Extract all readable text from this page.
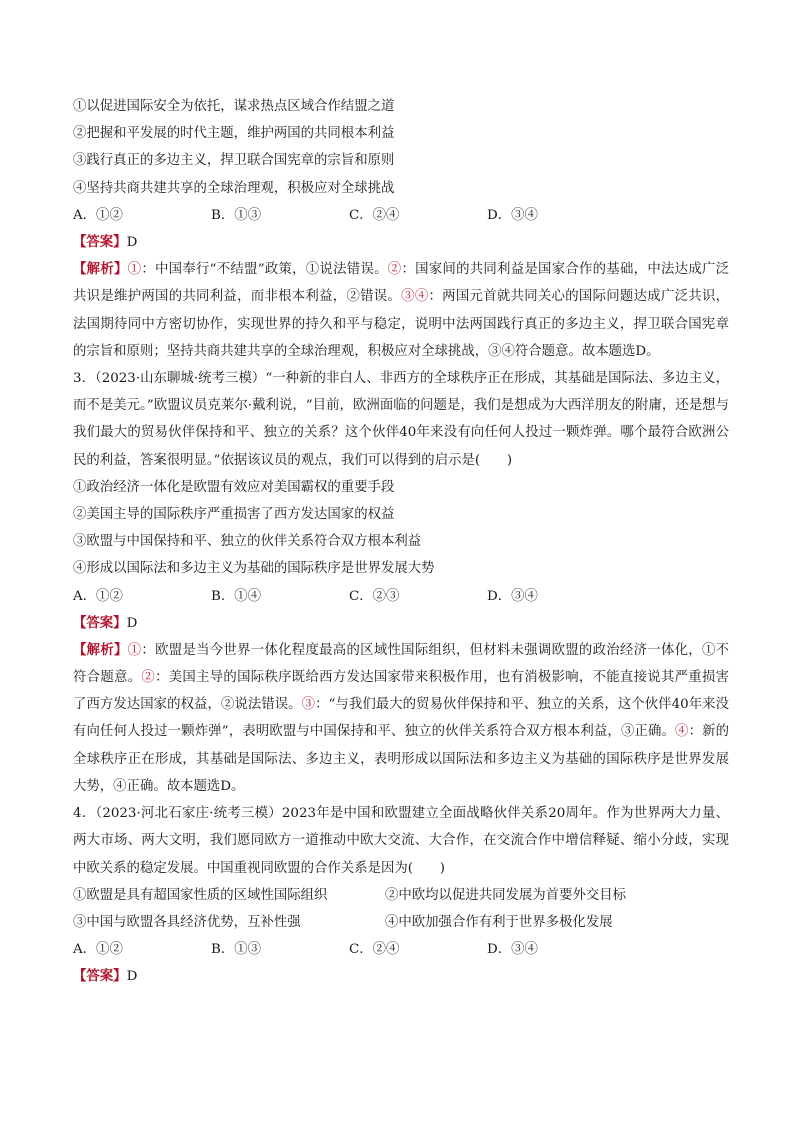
①以促进国际安全为依托，谋求热点区域合作结盟之道
②把握和平发展的时代主题，维护两国的共同根本利益
③践行真正的多边主义，捍卫联合国宪章的宗旨和原则
④坚持共商共建共享的全球治理观，积极应对全球挑战
A．①②	B．①③	C．②④	D．③④
【答案】D
【解析】①：中国奉行“不结盟”政策，①说法错误。②：国家间的共同利益是国家合作的基础，中法达成广泛共识是维护两国的共同利益，而非根本利益，②错误。③④：两国元首就共同关心的国际问题达成广泛共识，法国期待同中方密切协作，实现世界的持久和平与稳定，说明中法两国践行真正的多边主义，捍卫联合国宪章的宗旨和原则；坚持共商共建共享的全球治理观，积极应对全球挑战，③④符合题意。故本题选D。
3．（2023·山东聊城·统考三模）“一种新的非白人、非西方的全球秩序正在形成，其基础是国际法、多边主义，而不是美元。”欧盟议员克莱尔·戴利说，“目前，欧洲面临的问题是，我们是想成为大西洋朋友的附庸，还是想与我们最大的贸易伙伴保持和平、独立的关系？这个伙伴40年来没有向任何人投过一颗炸弹。哪个最符合欧洲公民的利益，答案很明显。”依据该议员的观点，我们可以得到的启示是(　　)
①政治经济一体化是欧盟有效应对美国霸权的重要手段
②美国主导的国际秩序严重损害了西方发达国家的权益
③欧盟与中国保持和平、独立的伙伴关系符合双方根本利益
④形成以国际法和多边主义为基础的国际秩序是世界发展大势
A．①②	B．①④	C．②③	D．③④
【答案】D
【解析】①：欧盟是当今世界一体化程度最高的区域性国际组织，但材料未强调欧盟的政治经济一体化，①不符合题意。②：美国主导的国际秩序既给西方发达国家带来积极作用，也有消极影响，不能直接说其严重损害了西方发达国家的权益，②说法错误。③：“与我们最大的贸易伙伴保持和平、独立的关系，这个伙伴40年来没有向任何人投过一颗炸弹”，表明欧盟与中国保持和平、独立的伙伴关系符合双方根本利益，③正确。④：新的全球秩序正在形成，其基础是国际法、多边主义，表明形成以国际法和多边主义为基础的国际秩序是世界发展大势，④正确。故本题选D。
4．（2023·河北石家庄·统考三模）2023年是中国和欧盟建立全面战略伙伴关系20周年。作为世界两大力量、两大市场、两大文明，我们愿同欧方一道推动中欧大交流、大合作，在交流合作中增信释疑、缩小分歧，实现中欧关系的稳定发展。中国重视同欧盟的合作关系是因为(　　)
①欧盟是具有超国家性质的区域性国际组织	②中欧均以促进共同发展为首要外交目标
③中国与欧盟各具经济优势，互补性强	④中欧加强合作有利于世界多极化发展
A．①②	B．①③	C．②④	D．③④
【答案】D
